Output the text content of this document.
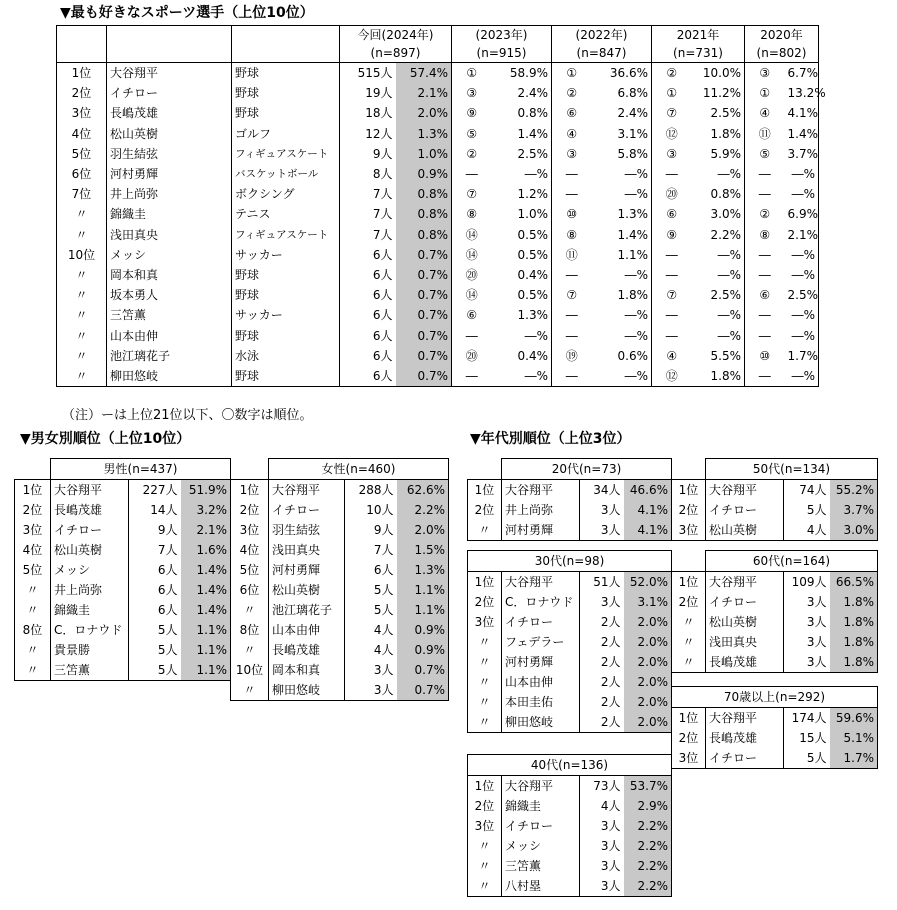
▼最も好きなスポーツ選手（上位10位）
			今回(2024年)		(2023年)		(2022年)		2021年		2020年	
			(n=897)		(n=915)		(n=847)		(n=731)		(n=802)	
1位	大谷翔平	野球	515人	57.4%	①	58.9%	①	36.6%	②	10.0%	③	6.7%
2位	イチロー	野球	19人	2.1%	③	2.4%	②	6.8%	①	11.2%	①	13.2%
3位	長嶋茂雄	野球	18人	2.0%	⑨	0.8%	⑥	2.4%	⑦	2.5%	④	4.1%
4位	松山英樹	ゴルフ	12人	1.3%	⑤	1.4%	④	3.1%	⑫	1.8%	⑪	1.4%
5位	羽生結弦	フィギュアスケート	9人	1.0%	②	2.5%	③	5.8%	③	5.9%	⑤	3.7%
6位	河村勇輝	バスケットボール	8人	0.9%	―	―%	―	―%	―	―%	―	―%
7位	井上尚弥	ボクシング	7人	0.8%	⑦	1.2%	―	―%	⑳	0.8%	―	―%
〃	錦織圭	テニス	7人	0.8%	⑧	1.0%	⑩	1.3%	⑥	3.0%	②	6.9%
〃	浅田真央	フィギュアスケート	7人	0.8%	⑭	0.5%	⑧	1.4%	⑨	2.2%	⑧	2.1%
10位	メッシ	サッカー	6人	0.7%	⑭	0.5%	⑪	1.1%	―	―%	―	―%
〃	岡本和真	野球	6人	0.7%	⑳	0.4%	―	―%	―	―%	―	―%
〃	坂本勇人	野球	6人	0.7%	⑭	0.5%	⑦	1.8%	⑦	2.5%	⑥	2.5%
〃	三笘薫	サッカー	6人	0.7%	⑥	1.3%	―	―%	―	―%	―	―%
〃	山本由伸	野球	6人	0.7%	―	―%	―	―%	―	―%	―	―%
〃	池江璃花子	水泳	6人	0.7%	⑳	0.4%	⑲	0.6%	④	5.5%	⑩	1.7%
〃	柳田悠岐	野球	6人	0.7%	―	―%	―	―%	⑫	1.8%	―	―%
（注）ーは上位21位以下、〇数字は順位。
▼男女別順位（上位10位）
	男性(n=437)		
1位	大谷翔平	227人	51.9%
2位	長嶋茂雄	14人	3.2%
3位	イチロー	9人	2.1%
4位	松山英樹	7人	1.6%
5位	メッシ	6人	1.4%
〃	井上尚弥	6人	1.4%
〃	錦織圭	6人	1.4%
8位	C．ロナウド	5人	1.1%
〃	貴景勝	5人	1.1%
〃	三笘薫	5人	1.1%
	女性(n=460)		
1位	大谷翔平	288人	62.6%
2位	イチロー	10人	2.2%
3位	羽生結弦	9人	2.0%
4位	浅田真央	7人	1.5%
5位	河村勇輝	6人	1.3%
6位	松山英樹	5人	1.1%
〃	池江璃花子	5人	1.1%
8位	山本由伸	4人	0.9%
〃	長嶋茂雄	4人	0.9%
10位	岡本和真	3人	0.7%
〃	柳田悠岐	3人	0.7%
▼年代別順位（上位3位）
	20代(n=73)		
1位	大谷翔平	34人	46.6%
2位	井上尚弥	3人	4.1%
〃	河村勇輝	3人	4.1%
30代(n=98)			
1位	大谷翔平	51人	52.0%
2位	C．ロナウド	3人	3.1%
3位	イチロー	2人	2.0%
〃	フェデラー	2人	2.0%
〃	河村勇輝	2人	2.0%
〃	山本由伸	2人	2.0%
〃	本田圭佑	2人	2.0%
〃	柳田悠岐	2人	2.0%
40代(n=136)			
1位	大谷翔平	73人	53.7%
2位	錦織圭	4人	2.9%
3位	イチロー	3人	2.2%
〃	メッシ	3人	2.2%
〃	三笘薫	3人	2.2%
〃	八村塁	3人	2.2%
	50代(n=134)		
1位	大谷翔平	74人	55.2%
2位	イチロー	5人	3.7%
3位	松山英樹	4人	3.0%
	60代(n=164)		
1位	大谷翔平	109人	66.5%
2位	イチロー	3人	1.8%
〃	松山英樹	3人	1.8%
〃	浅田真央	3人	1.8%
〃	長嶋茂雄	3人	1.8%
70歳以上(n=292)			
1位	大谷翔平	174人	59.6%
2位	長嶋茂雄	15人	5.1%
3位	イチロー	5人	1.7%
